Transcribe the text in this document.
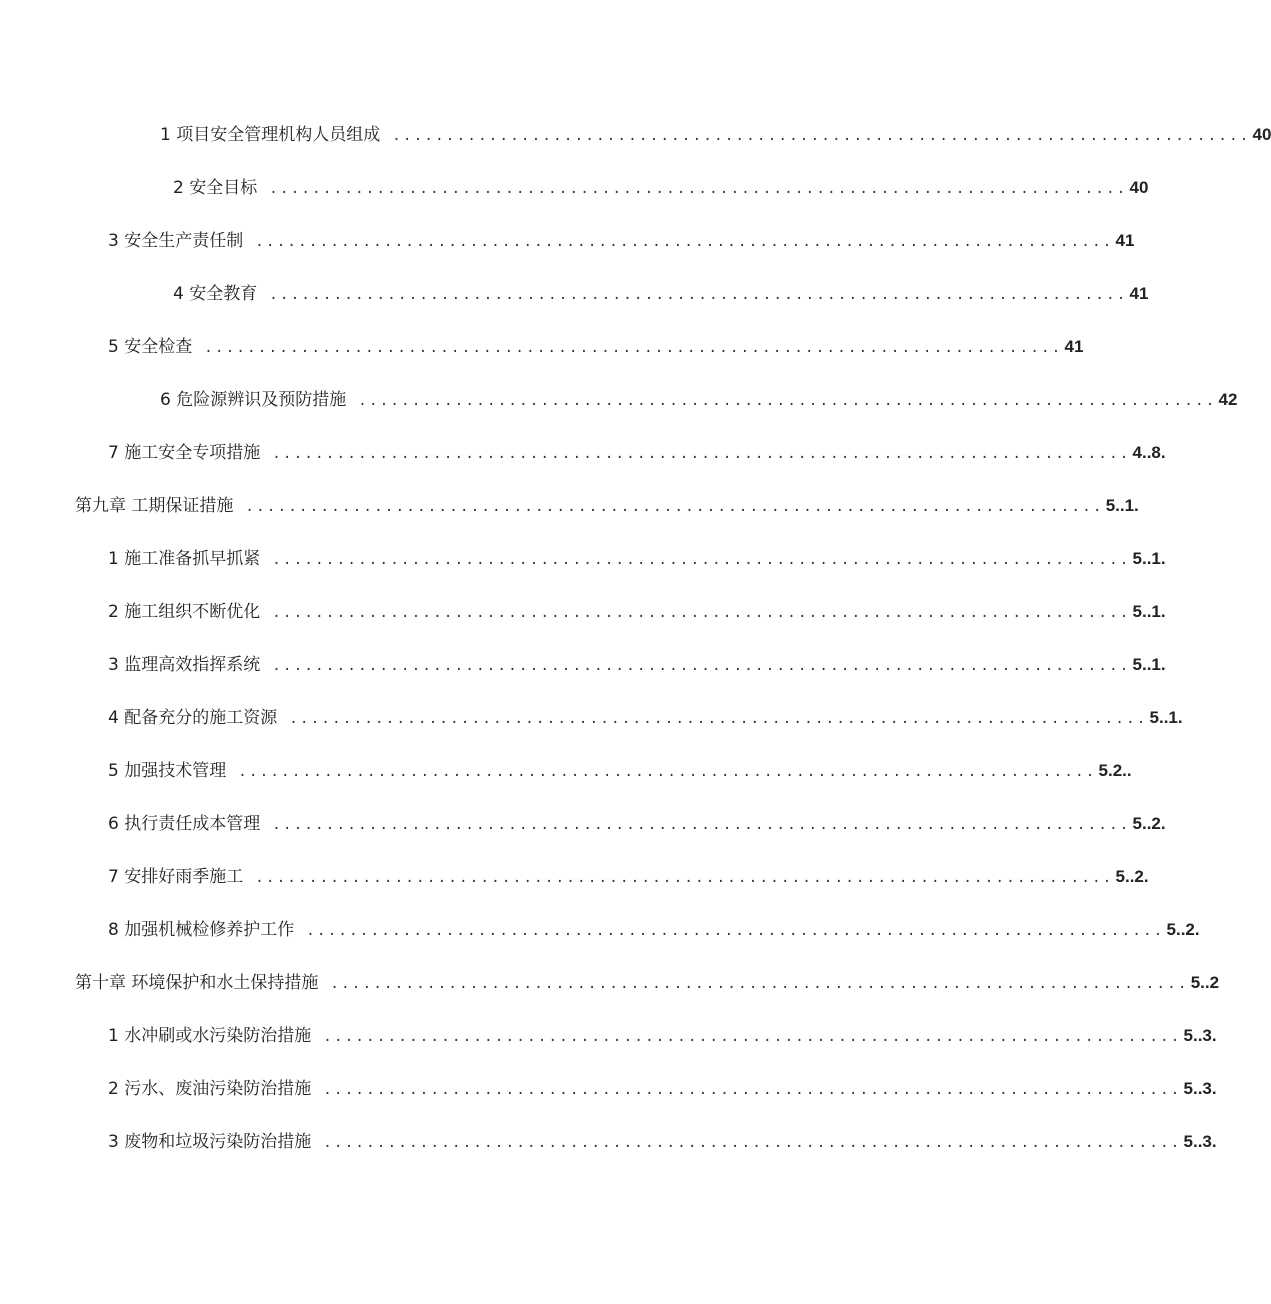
1 项目安全管理机构人员组成 ................................................................................ 40
2 安全目标 ................................................................................ 40
3 安全生产责任制 ................................................................................ 41
4 安全教育 ................................................................................ 41
5 安全检查 ................................................................................ 41
6 危险源辨识及预防措施 ................................................................................ 42
7 施工安全专项措施 ................................................................................ 4..8.
第九章 工期保证措施 ................................................................................ 5..1.
1 施工准备抓早抓紧 ................................................................................ 5..1.
2 施工组织不断优化 ................................................................................ 5..1.
3 监理高效指挥系统 ................................................................................ 5..1.
4 配备充分的施工资源 ................................................................................ 5..1.
5 加强技术管理 ................................................................................ 5.2..
6 执行责任成本管理 ................................................................................ 5..2.
7 安排好雨季施工 ................................................................................ 5..2.
8 加强机械检修养护工作 ................................................................................ 5..2.
第十章 环境保护和水土保持措施 ................................................................................ 5..2
1 水冲刷或水污染防治措施 ................................................................................ 5..3.
2 污水、废油污染防治措施 ................................................................................ 5..3.
3 废物和垃圾污染防治措施 ................................................................................ 5..3.
